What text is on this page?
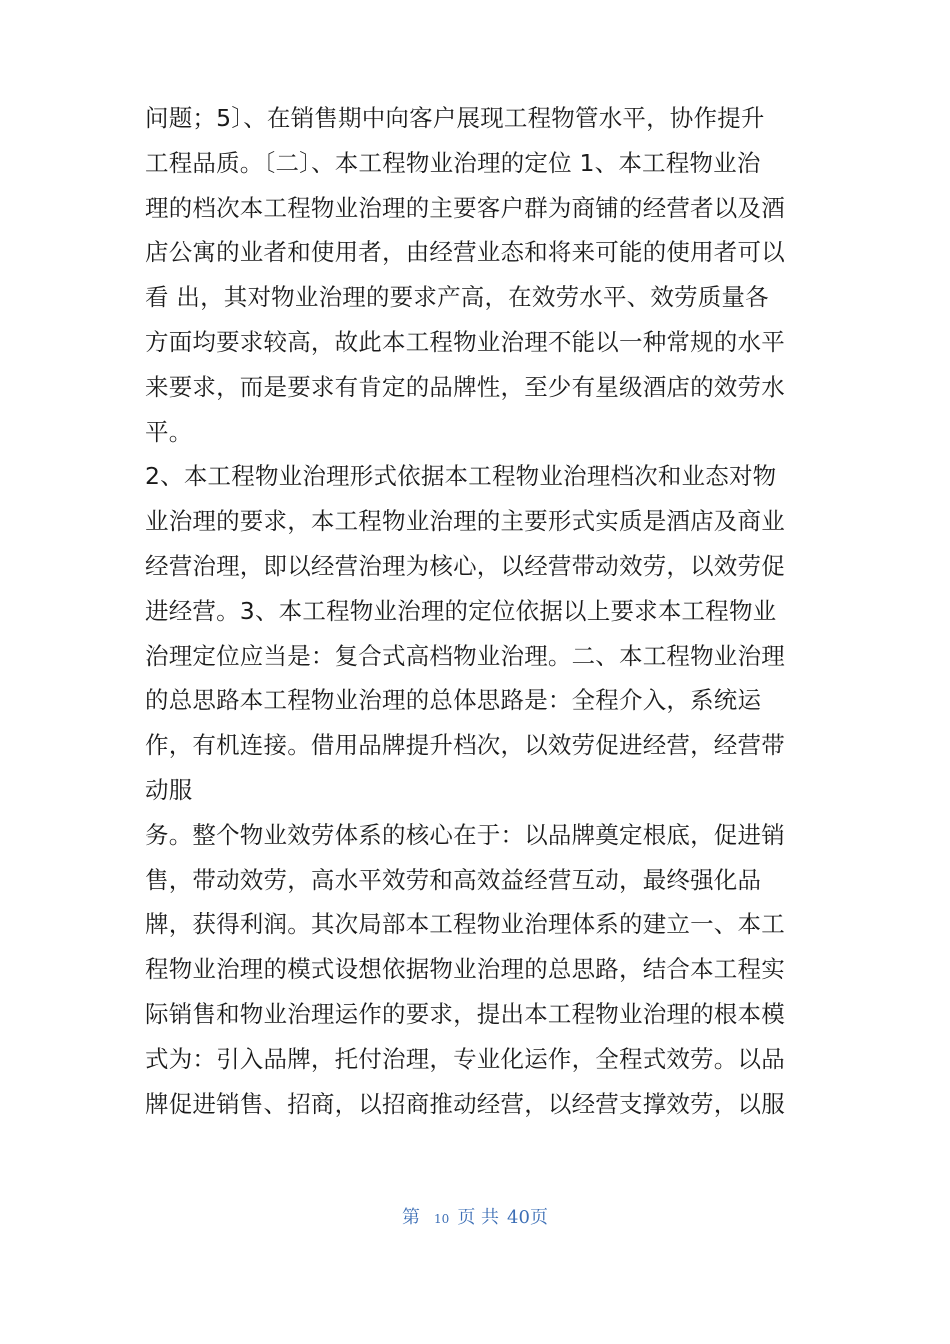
问题；5〕、在销售期中向客户展现工程物管水平，协作提升
工程品质。〔二〕、本工程物业治理的定位 1、本工程物业治
理的档次本工程物业治理的主要客户群为商铺的经营者以及酒
店公寓的业者和使用者，由经营业态和将来可能的使用者可以
看 出，其对物业治理的要求产高，在效劳水平、效劳质量各
方面均要求较高，故此本工程物业治理不能以一种常规的水平
来要求，而是要求有肯定的品牌性，至少有星级酒店的效劳水
平。
2、本工程物业治理形式依据本工程物业治理档次和业态对物
业治理的要求，本工程物业治理的主要形式实质是酒店及商业
经营治理，即以经营治理为核心，以经营带动效劳，以效劳促
进经营。3、本工程物业治理的定位依据以上要求本工程物业
治理定位应当是：复合式高档物业治理。二、本工程物业治理
的总思路本工程物业治理的总体思路是：全程介入，系统运
作，有机连接。借用品牌提升档次，以效劳促进经营，经营带
动服
务。整个物业效劳体系的核心在于：以品牌奠定根底，促进销
售，带动效劳，高水平效劳和高效益经营互动，最终强化品
牌，获得利润。其次局部本工程物业治理体系的建立一、本工
程物业治理的模式设想依据物业治理的总思路，结合本工程实
际销售和物业治理运作的要求，提出本工程物业治理的根本模
式为：引入品牌，托付治理，专业化运作，全程式效劳。以品
牌促进销售、招商，以招商推动经营，以经营支撑效劳，以服
第 10 页 共 40页
